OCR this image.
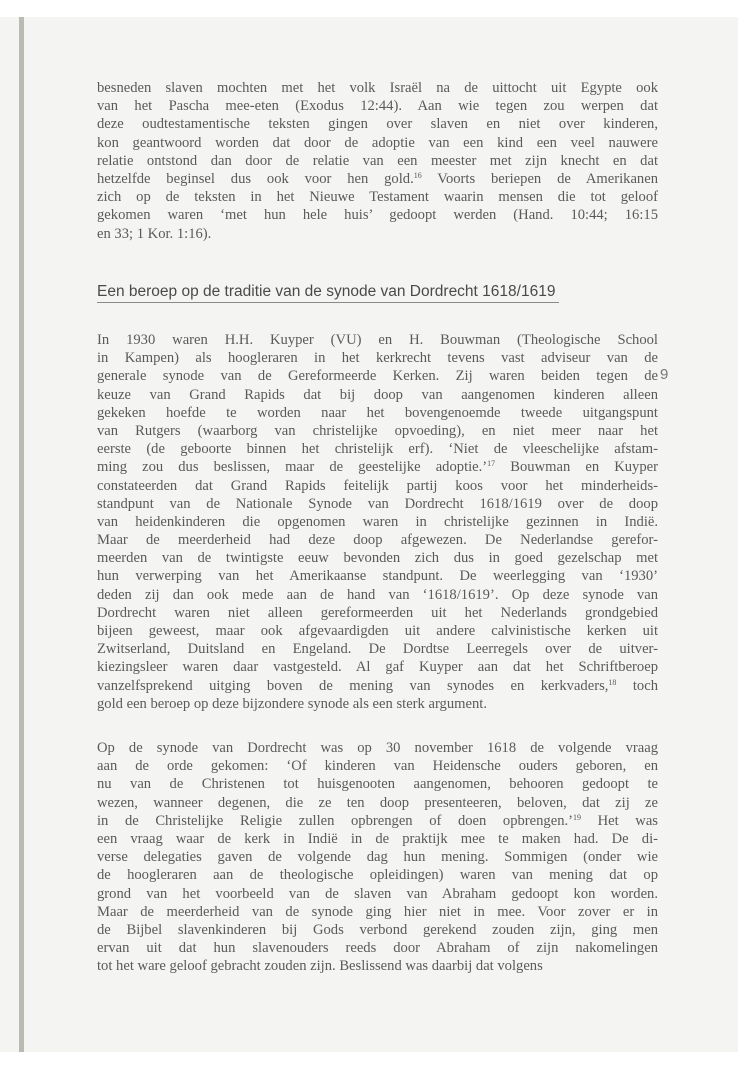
besneden slaven mochten met het volk Israël na de uittocht uit Egypte ook
van het Pascha mee-eten (Exodus 12:44). Aan wie tegen zou werpen dat
deze oudtestamentische teksten gingen over slaven en niet over kinderen,
kon geantwoord worden dat door de adoptie van een kind een veel nauwere
relatie ontstond dan door de relatie van een meester met zijn knecht en dat
hetzelfde beginsel dus ook voor hen gold.$^{16}$ Voorts beriepen de Amerikanen
zich op de teksten in het Nieuwe Testament waarin mensen die tot geloof
gekomen waren ‘met hun hele huis’ gedoopt werden (Hand. 10:44; 16:15
en 33; 1 Kor. 1:16).
Een beroep op de traditie van de synode van Dordrecht 1618/1619
In 1930 waren H.H. Kuyper (VU) en H. Bouwman (Theologische School
in Kampen) als hoogleraren in het kerkrecht tevens vast adviseur van de
generale synode van de Gereformeerde Kerken. Zij waren beiden tegen de
keuze van Grand Rapids dat bij doop van aangenomen kinderen alleen
gekeken hoefde te worden naar het bovengenoemde tweede uitgangspunt
van Rutgers (waarborg van christelijke opvoeding), en niet meer naar het
eerste (de geboorte binnen het christelijk erf). ‘Niet de vleeschelijke afstam-
ming zou dus beslissen, maar de geestelijke adoptie.’$^{17}$ Bouwman en Kuyper
constateerden dat Grand Rapids feitelijk partij koos voor het minderheids-
standpunt van de Nationale Synode van Dordrecht 1618/1619 over de doop
van heidenkinderen die opgenomen waren in christelijke gezinnen in Indië.
Maar de meerderheid had deze doop afgewezen. De Nederlandse gerefor-
meerden van de twintigste eeuw bevonden zich dus in goed gezelschap met
hun verwerping van het Amerikaanse standpunt. De weerlegging van ‘1930’
deden zij dan ook mede aan de hand van ‘1618/1619’. Op deze synode van
Dordrecht waren niet alleen gereformeerden uit het Nederlands grondgebied
bijeen geweest, maar ook afgevaardigden uit andere calvinistische kerken uit
Zwitserland, Duitsland en Engeland. De Dordtse Leerregels over de uitver-
kiezingsleer waren daar vastgesteld. Al gaf Kuyper aan dat het Schriftberoep
vanzelfsprekend uitging boven de mening van synodes en kerkvaders,$^{18}$ toch
gold een beroep op deze bijzondere synode als een sterk argument.
Op de synode van Dordrecht was op 30 november 1618 de volgende vraag
aan de orde gekomen: ‘Of kinderen van Heidensche ouders geboren, en
nu van de Christenen tot huisgenooten aangenomen, behooren gedoopt te
wezen, wanneer degenen, die ze ten doop presenteeren, beloven, dat zij ze
in de Christelijke Religie zullen opbrengen of doen opbrengen.’$^{19}$ Het was
een vraag waar de kerk in Indië in de praktijk mee te maken had. De di-
verse delegaties gaven de volgende dag hun mening. Sommigen (onder wie
de hoogleraren aan de theologische opleidingen) waren van mening dat op
grond van het voorbeeld van de slaven van Abraham gedoopt kon worden.
Maar de meerderheid van de synode ging hier niet in mee. Voor zover er in
de Bijbel slavenkinderen bij Gods verbond gerekend zouden zijn, ging men
ervan uit dat hun slavenouders reeds door Abraham of zijn nakomelingen
tot het ware geloof gebracht zouden zijn. Beslissend was daarbij dat volgens
9
